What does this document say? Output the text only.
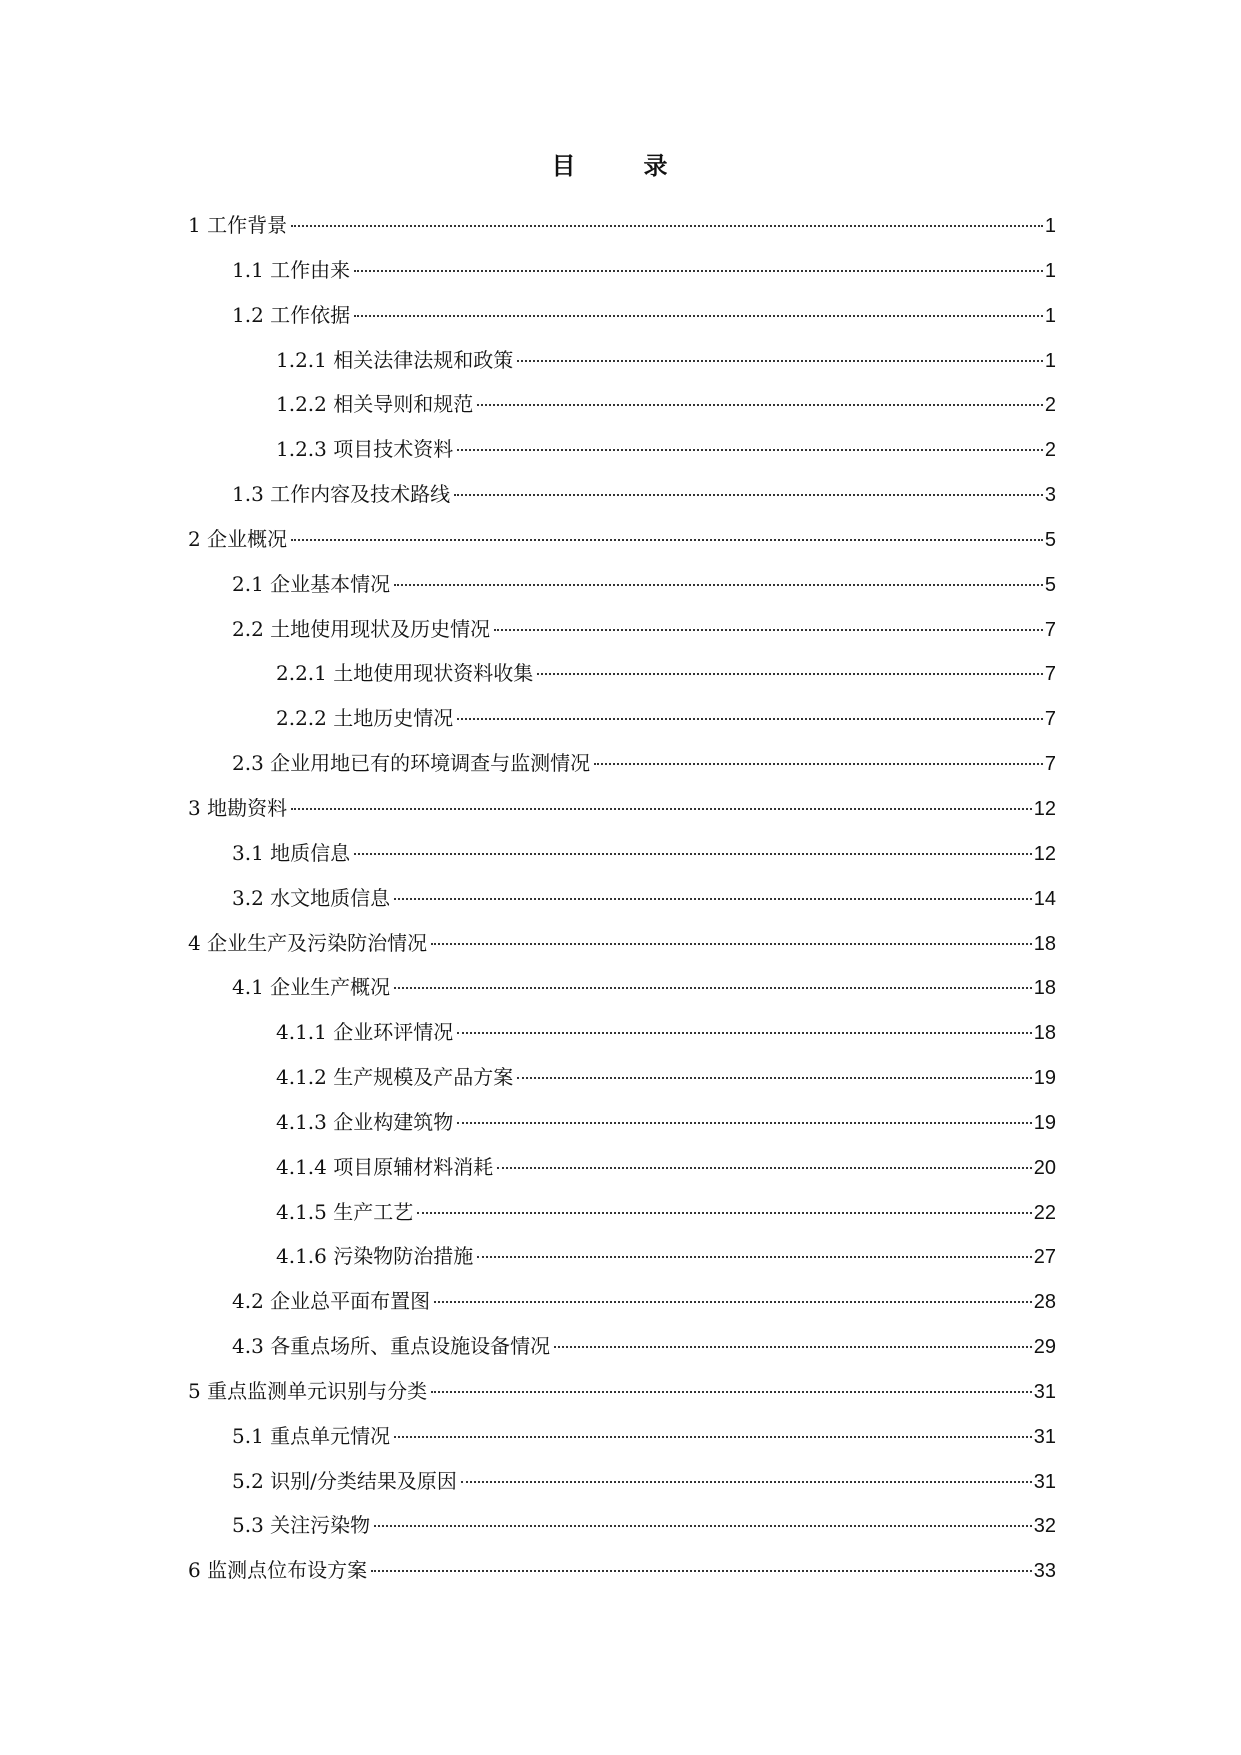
目　录
1 工作背景	1
1.1 工作由来	1
1.2 工作依据	1
1.2.1 相关法律法规和政策	1
1.2.2 相关导则和规范	2
1.2.3 项目技术资料	2
1.3 工作内容及技术路线	3
2 企业概况	5
2.1 企业基本情况	5
2.2 土地使用现状及历史情况	7
2.2.1 土地使用现状资料收集	7
2.2.2 土地历史情况	7
2.3 企业用地已有的环境调查与监测情况	7
3 地勘资料	12
3.1 地质信息	12
3.2 水文地质信息	14
4 企业生产及污染防治情况	18
4.1 企业生产概况	18
4.1.1 企业环评情况	18
4.1.2 生产规模及产品方案	19
4.1.3 企业构建筑物	19
4.1.4 项目原辅材料消耗	20
4.1.5 生产工艺	22
4.1.6 污染物防治措施	27
4.2 企业总平面布置图	28
4.3 各重点场所、重点设施设备情况	29
5 重点监测单元识别与分类	31
5.1 重点单元情况	31
5.2 识别/分类结果及原因	31
5.3 关注污染物	32
6 监测点位布设方案	33
